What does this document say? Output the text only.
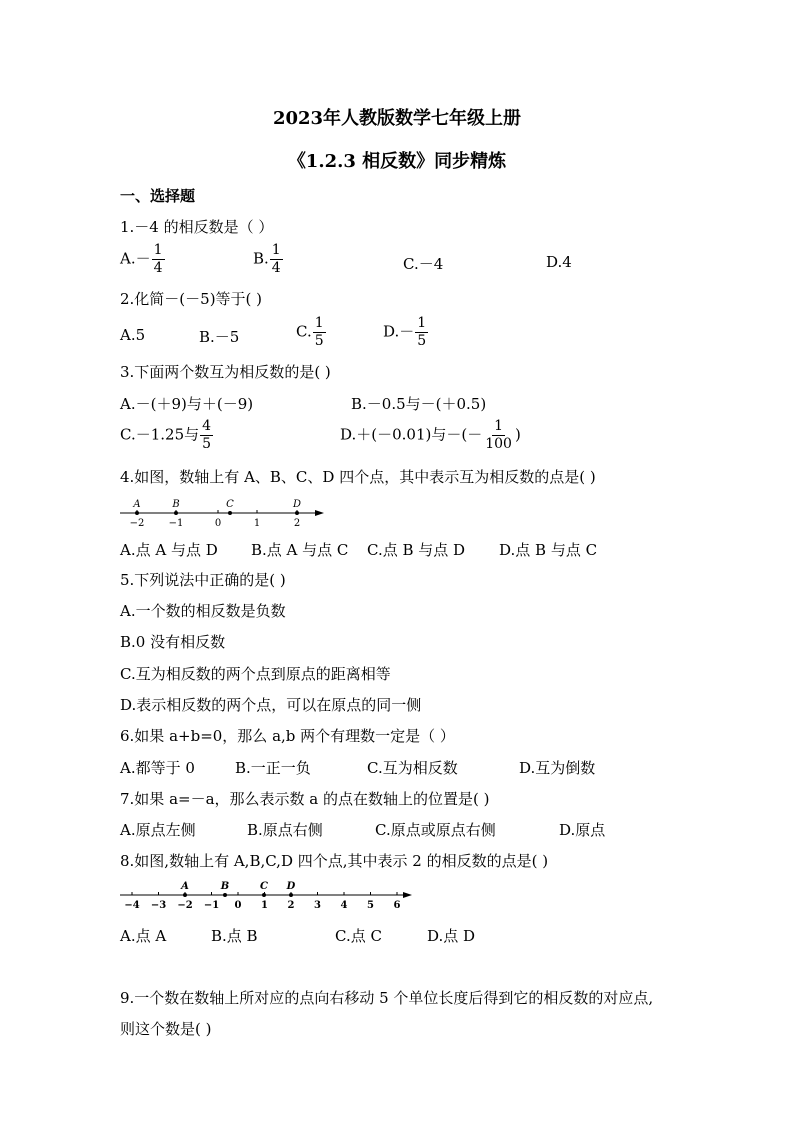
2023年人教版数学七年级上册
《1.2.3 相反数》同步精炼
一、选择题
1.－4 的相反数是（ ）
$A.- \frac{1}{4}$	B. $\frac{1}{4}$	C.－4	D.4
2.化简－(－5)等于( )
A.5	B.－5	C. $\frac{1}{5}$	$D.- \frac{1}{5}$
3.下面两个数互为相反数的是( )
A.－(＋9)与＋(－9)	B.－0.5与－(＋0.5)
C.－1.25与 $\frac{4}{5}$	D.＋(－0.01)与－(－ $\frac{1}{100}$ )
4.如图，数轴上有 A、B、C、D 四个点，其中表示互为相反数的点是( )
−2 −1	0	1	2
A	B	C	D
A.点 A 与点 D B.点 A 与点 C C.点 B 与点 D D.点 B 与点 C
5.下列说法中正确的是( )
A.一个数的相反数是负数
B.0 没有相反数
C.互为相反数的两个点到原点的距离相等
D.表示相反数的两个点，可以在原点的同一侧
6.如果 a+b=0，那么 a,b 两个有理数一定是（ ）
A.都等于 0	B.一正一负	C.互为相反数	D.互为倒数
7.如果 a=－a，那么表示数 a 的点在数轴上的位置是( )
A.原点左侧	B.原点右侧	C.原点或原点右侧	D.原点
8.如图,数轴上有 A,B,C,D 四个点,其中表示 2 的相反数的点是( )
−4 −3 −2 −1 0 1 2 3 4 5 6
A	B	C D
A.点 A	B.点 B	C.点 C	D.点 D
9.一个数在数轴上所对应的点向右移动 5 个单位长度后得到它的相反数的对应点,
则这个数是( )
